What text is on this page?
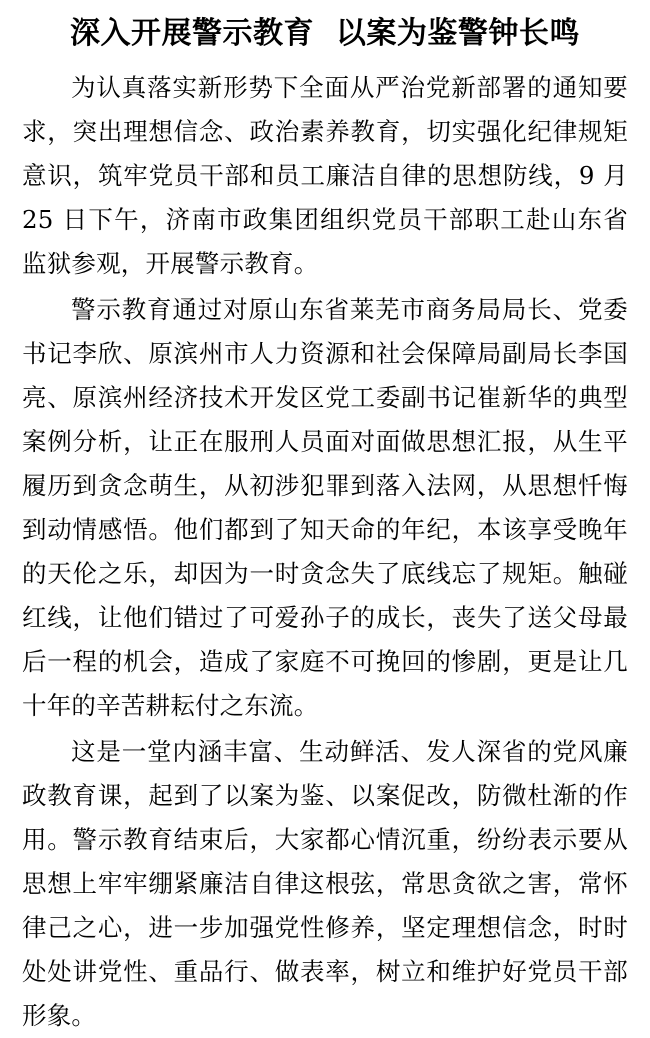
深入开展警示教育  以案为鉴警钟长鸣

为认真落实新形势下全面从严治党新部署的通知要求，突出理想信念、政治素养教育，切实强化纪律规矩意识，筑牢党员干部和员工廉洁自律的思想防线，9 月 25 日下午，济南市政集团组织党员干部职工赴山东省监狱参观，开展警示教育。

警示教育通过对原山东省莱芜市商务局局长、党委书记李欣、原滨州市人力资源和社会保障局副局长李国亮、原滨州经济技术开发区党工委副书记崔新华的典型案例分析，让正在服刑人员面对面做思想汇报，从生平履历到贪念萌生，从初涉犯罪到落入法网，从思想忏悔到动情感悟。他们都到了知天命的年纪，本该享受晚年的天伦之乐，却因为一时贪念失了底线忘了规矩。触碰红线，让他们错过了可爱孙子的成长，丧失了送父母最后一程的机会，造成了家庭不可挽回的惨剧，更是让几十年的辛苦耕耘付之东流。

这是一堂内涵丰富、生动鲜活、发人深省的党风廉政教育课，起到了以案为鉴、以案促改，防微杜渐的作用。警示教育结束后，大家都心情沉重，纷纷表示要从思想上牢牢绷紧廉洁自律这根弦，常思贪欲之害，常怀律己之心，进一步加强党性修养，坚定理想信念，时时处处讲党性、重品行、做表率，树立和维护好党员干部形象。
